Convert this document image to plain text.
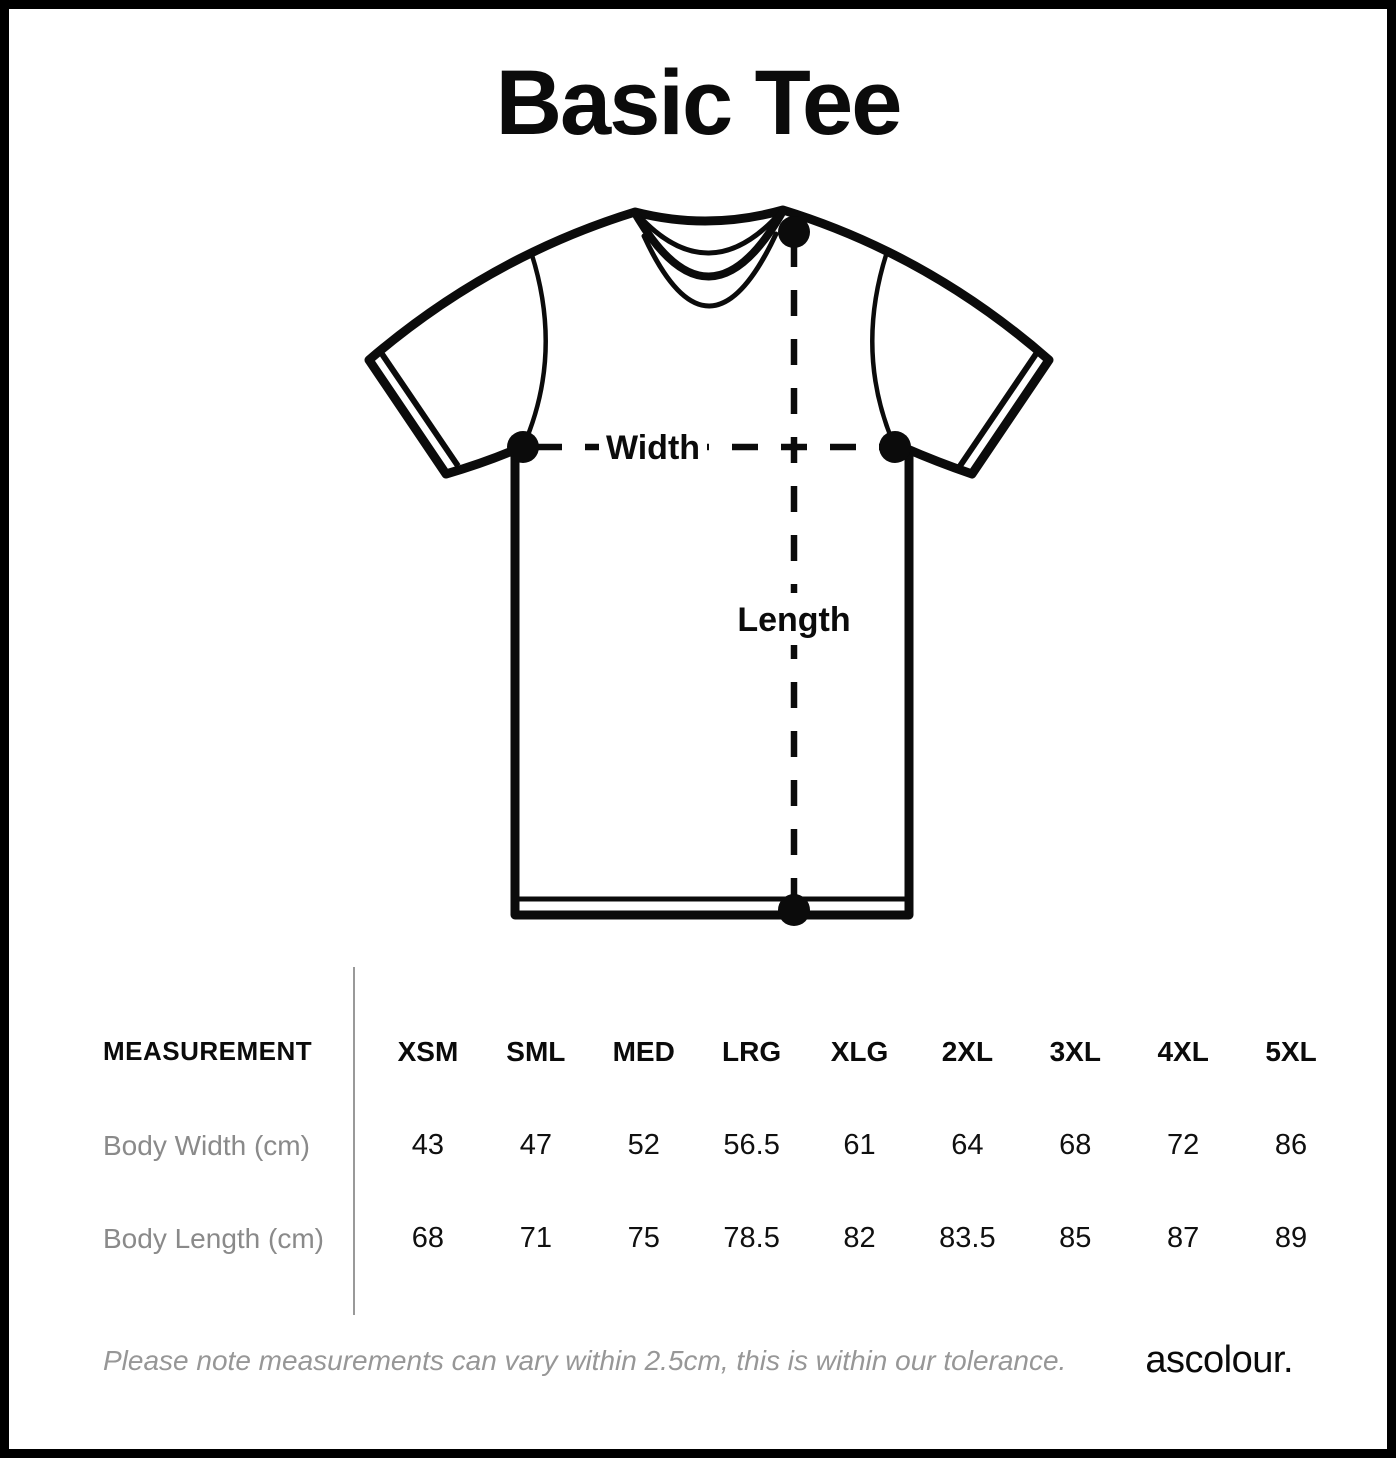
Basic Tee
Length
Width
MEASUREMENT	XSM	SML	MED	LRG	XLG	2XL	3XL	4XL	5XL
Body Width (cm)	43	47	52	56.5	61	64	68	72	86
Body Length (cm)	68	71	75	78.5	82	83.5	85	87	89
Please note measurements can vary within 2.5cm, this is within our tolerance. ascolour.
